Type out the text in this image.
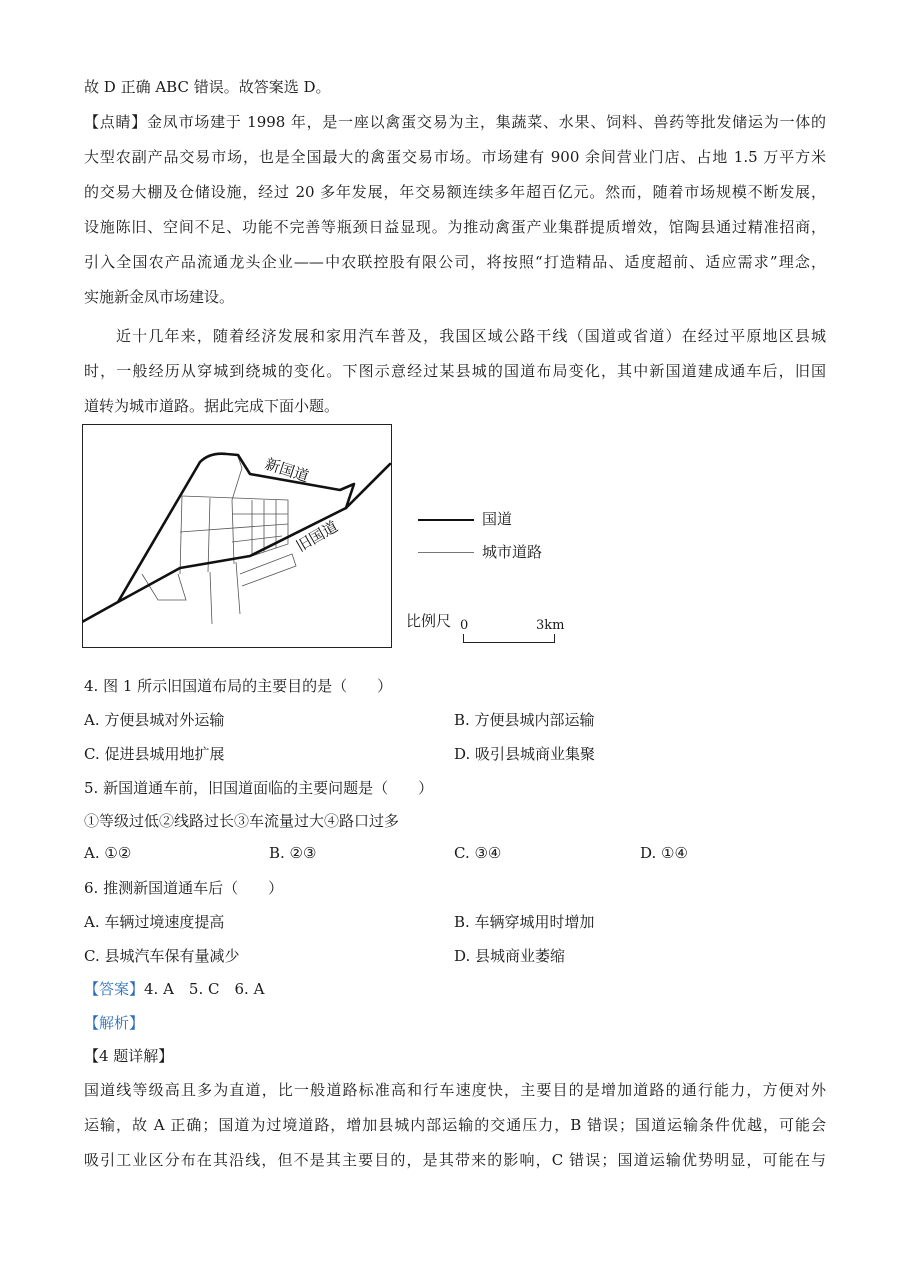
故 D 正确 ABC 错误。故答案选 D。
【点睛】金凤市场建于 1998 年，是一座以禽蛋交易为主，集蔬菜、水果、饲料、兽药等批发储运为一体的
大型农副产品交易市场，也是全国最大的禽蛋交易市场。市场建有 900 余间营业门店、占地 1.5 万平方米
的交易大棚及仓储设施，经过 20 多年发展，年交易额连续多年超百亿元。然而，随着市场规模不断发展，
设施陈旧、空间不足、功能不完善等瓶颈日益显现。为推动禽蛋产业集群提质增效，馆陶县通过精准招商，
引入全国农产品流通龙头企业——中农联控股有限公司，将按照“打造精品、适度超前、适应需求”理念，
实施新金凤市场建设。
近十几年来，随着经济发展和家用汽车普及，我国区域公路干线（国道或省道）在经过平原地区县城
时，一般经历从穿城到绕城的变化。下图示意经过某县城的国道布局变化，其中新国道建成通车后，旧国
道转为城市道路。据此完成下面小题。
新国道
旧国道	国道
城市道路
比例尺 0	3km
4. 图 1 所示旧国道布局的主要目的是（　　）
A. 方便县城对外运输	B. 方便县城内部运输
C. 促进县城用地扩展	D. 吸引县城商业集聚
5. 新国道通车前，旧国道面临的主要问题是（　　）
①等级过低②线路过长③车流量过大④路口过多
A. ①②	B. ②③	C. ③④	D. ①④
6. 推测新国道通车后（　　）
A. 车辆过境速度提高	B. 车辆穿城用时增加
C. 县城汽车保有量减少	D. 县城商业萎缩
【答案】4. A　5. C　6. A
【解析】
【4 题详解】
国道线等级高且多为直道，比一般道路标准高和行车速度快，主要目的是增加道路的通行能力，方便对外
运输，故 A 正确；国道为过境道路，增加县城内部运输的交通压力，B 错误；国道运输条件优越，可能会
吸引工业区分布在其沿线，但不是其主要目的，是其带来的影响，C 错误；国道运输优势明显，可能在与
